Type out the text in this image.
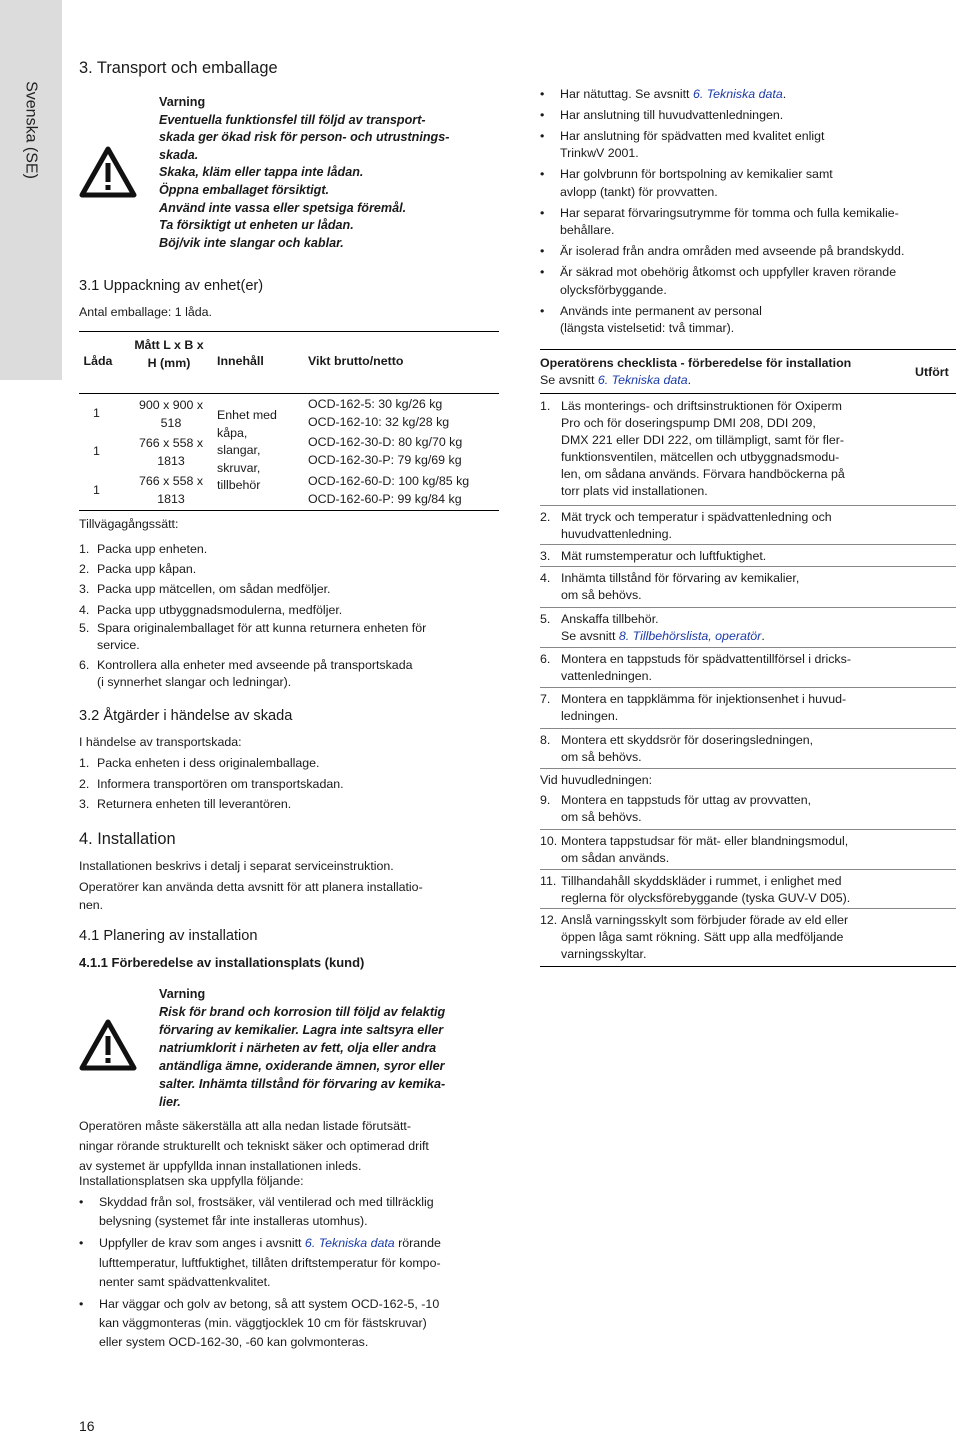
Svenska (SE)
3. Transport och emballage
Varning
Eventuella funktionsfel till följd av transport-
skada ger ökad risk för person- och utrustnings-
skada.
Skaka, kläm eller tappa inte lådan.
Öppna emballaget försiktigt.
Använd inte vassa eller spetsiga föremål.
Ta försiktigt ut enheten ur lådan.
Böj/vik inte slangar och kablar.
3.1 Uppackning av enhet(er)
Antal emballage: 1 låda.
Låda
Mått L x B x H (mm)	Innehåll	Vikt brutto/netto
1
900 x 900 x 518
OCD-162-5: 30 kg/26 kg
OCD-162-10: 32 kg/28 kg
1
766 x 558 x 1813
OCD-162-30-D: 80 kg/70 kg
OCD-162-30-P: 79 kg/69 kg
1
766 x 558 x 1813
OCD-162-60-D: 100 kg/85 kg
OCD-162-60-P: 99 kg/84 kg
Enhet med kåpa, slangar, skruvar, tillbehör
Tillvägagångssätt:
1. Packa upp enheten.
2. Packa upp kåpan.
3. Packa upp mätcellen, om sådan medföljer.
4. Packa upp utbyggnadsmodulerna, medföljer.
5. Spara originalemballaget för att kunna returnera enheten för
service.
6. Kontrollera alla enheter med avseende på transportskada
(i synnerhet slangar och ledningar).
3.2 Åtgärder i händelse av skada
I händelse av transportskada:
1. Packa enheten i dess originalemballage.
2. Informera transportören om transportskadan.
3. Returnera enheten till leverantören.
4. Installation
Installationen beskrivs i detalj i separat serviceinstruktion.
Operatörer kan använda detta avsnitt för att planera installatio-
nen.
4.1 Planering av installation
4.1.1 Förberedelse av installationsplats (kund)
Varning
Risk för brand och korrosion till följd av felaktig
förvaring av kemikalier. Lagra inte saltsyra eller
natriumklorit i närheten av fett, olja eller andra
antändliga ämne, oxiderande ämnen, syror eller
salter. Inhämta tillstånd för förvaring av kemika-
lier.
Operatören måste säkerställa att alla nedan listade förutsätt-
ningar rörande strukturellt och tekniskt säker och optimerad drift
av systemet är uppfyllda innan installationen inleds.
Installationsplatsen ska uppfylla följande:
• Skyddad från sol, frostsäker, väl ventilerad och med tillräcklig
belysning (systemet får inte installeras utomhus).
• Uppfyller de krav som anges i avsnitt 6. Tekniska data rörande
lufttemperatur, luftfuktighet, tillåten driftstemperatur för kompo-
nenter samt spädvattenkvalitet.
• Har väggar och golv av betong, så att system OCD-162-5, -10
kan väggmonteras (min. väggtjocklek 10 cm för fästskruvar)
eller system OCD-162-30, -60 kan golvmonteras.
• Har nätuttag. Se avsnitt 6. Tekniska data.
• Har anslutning till huvudvattenledningen.
• Har anslutning för spädvatten med kvalitet enligt
TrinkwV 2001.
• Har golvbrunn för bortspolning av kemikalier samt
avlopp (tankt) för provvatten.
• Har separat förvaringsutrymme för tomma och fulla kemikalie-
behållare.
• Är isolerad från andra områden med avseende på brandskydd.
• Är säkrad mot obehörig åtkomst och uppfyller kraven rörande
olycksförbyggande.
• Används inte permanent av personal
(längsta vistelsetid: två timmar).
Operatörens checklista - förberedelse för installation
Se avsnitt 6. Tekniska data.
Utfört
1. Läs monterings- och driftsinstruktionen för Oxiperm
Pro och för doseringspump DMI 208, DDI 209,
DMX 221 eller DDI 222, om tillämpligt, samt för fler-
funktionsventilen, mätcellen och utbyggnadsmodu-
len, om sådana används. Förvara handböckerna på
torr plats vid installationen.
2. Mät tryck och temperatur i spädvattenledning och
huvudvattenledning.
3. Mät rumstemperatur och luftfuktighet.
4. Inhämta tillstånd för förvaring av kemikalier,
om så behövs.
5. Anskaffa tillbehör.
Se avsnitt 8. Tillbehörslista, operatör.
6. Montera en tappstuds för spädvattentillförsel i dricks-
vattenledningen.
7. Montera en tappklämma för injektionsenhet i huvud-
ledningen.
8. Montera ett skyddsrör för doseringsledningen,
om så behövs.
Vid huvudledningen:
9. Montera en tappstuds för uttag av provvatten,
om så behövs.
10. Montera tappstudsar för mät- eller blandningsmodul,
om sådan används.
11. Tillhandahåll skyddskläder i rummet, i enlighet med
reglerna för olycksförebyggande (tyska GUV-V D05).
12. Anslå varningsskylt som förbjuder förade av eld eller
öppen låga samt rökning. Sätt upp alla medföljande
varningsskyltar.
16
